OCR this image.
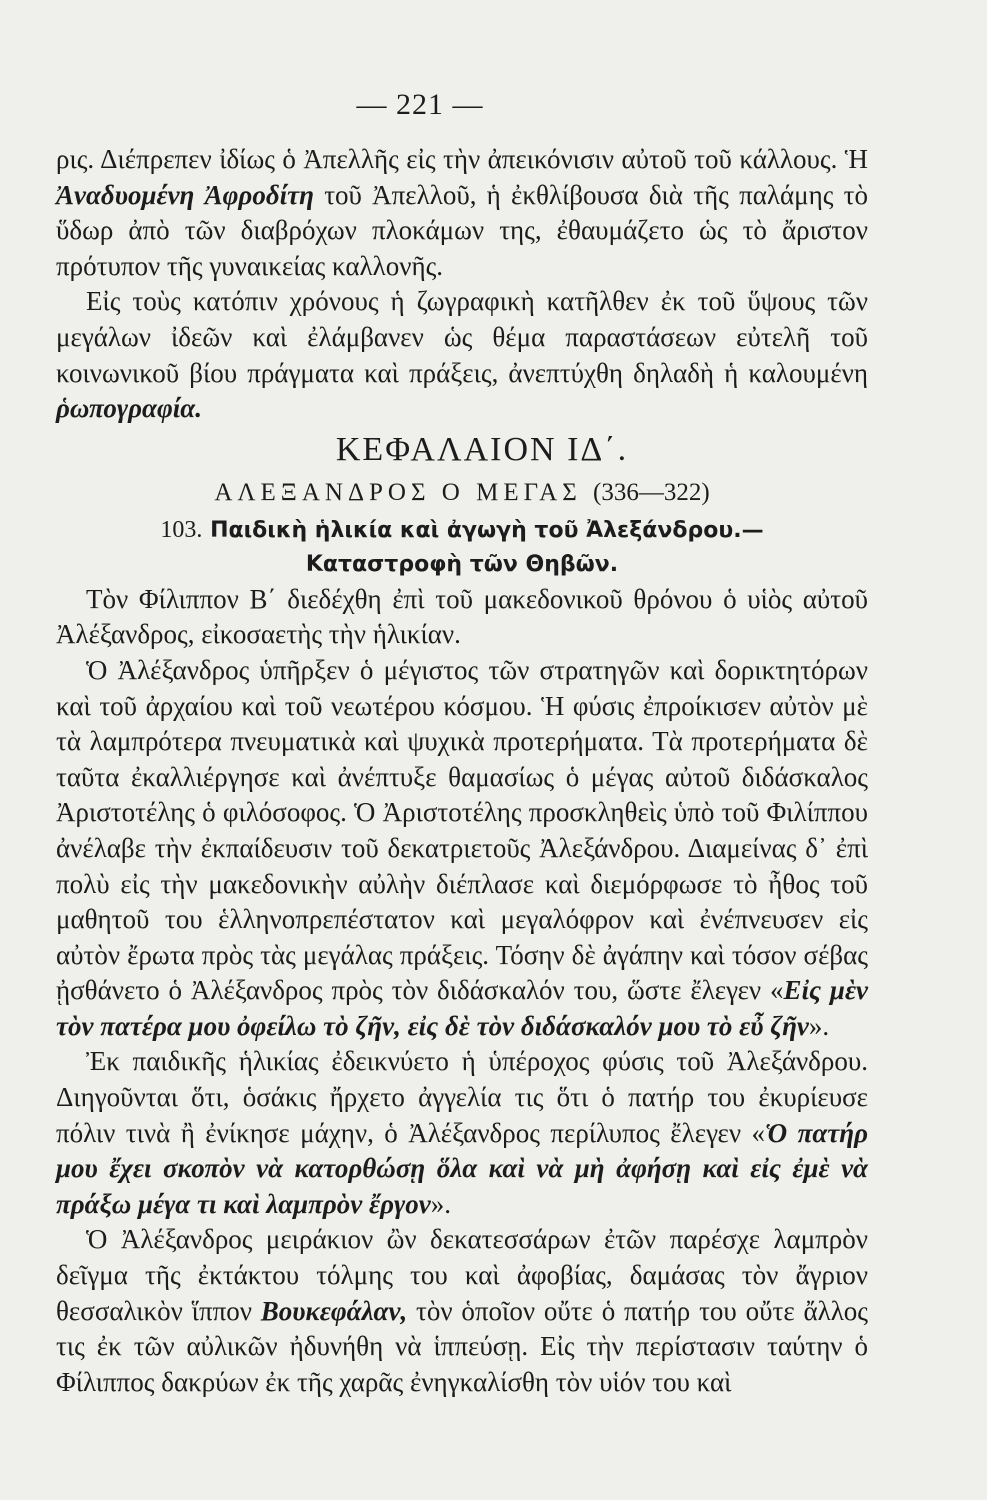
— 221 —

ρις. Διέπρεπεν ἰδίως ὁ Ἀπελλῆς εἰς τὴν ἀπεικόνισιν αὐτοῦ τοῦ κάλλους. Ἡ Ἀναδυομένη Ἀφροδίτη τοῦ Ἀπελλοῦ, ἡ ἐκθλίβουσα διὰ τῆς παλάμης τὸ ὕδωρ ἀπὸ τῶν διαβρόχων πλοκάμων της, ἐθαυμάζετο ὡς τὸ ἄριστον πρότυπον τῆς γυναικείας καλλονῆς.

Εἰς τοὺς κατόπιν χρόνους ἡ ζωγραφικὴ κατῆλθεν ἐκ τοῦ ὕψους τῶν μεγάλων ἰδεῶν καὶ ἐλάμβανεν ὡς θέμα παραστάσεων εὐτελῆ τοῦ κοινωνικοῦ βίου πράγματα καὶ πράξεις, ἀνεπτύχθη δηλαδὴ ἡ καλουμένη ῥωπογραφία.

ΚΕΦΑΛΑΙΟΝ ΙΔ΄.

ΑΛΕΞΑΝΔΡΟΣ Ο ΜΕΓΑΣ (336—322)

103. Παιδικὴ ἡλικία καὶ ἀγωγὴ τοῦ Ἀλεξάνδρου.—

Καταστροφὴ τῶν Θηβῶν.

Τὸν Φίλιππον Β΄ διεδέχθη ἐπὶ τοῦ μακεδονικοῦ θρόνου ὁ υἱὸς αὐτοῦ Ἀλέξανδρος, εἰκοσαετὴς τὴν ἡλικίαν.

Ὁ Ἀλέξανδρος ὑπῆρξεν ὁ μέγιστος τῶν στρατηγῶν καὶ δορικτητόρων καὶ τοῦ ἀρχαίου καὶ τοῦ νεωτέρου κόσμου. Ἡ φύσις ἐπροίκισεν αὐτὸν μὲ τὰ λαμπρότερα πνευματικὰ καὶ ψυχικὰ προτερήματα. Τὰ προτερήματα δὲ ταῦτα ἐκαλλιέργησε καὶ ἀνέπτυξε θαμασίως ὁ μέγας αὐτοῦ διδάσκαλος Ἀριστοτέλης ὁ φιλόσοφος. Ὁ Ἀριστοτέλης προσκληθεὶς ὑπὸ τοῦ Φιλίππου ἀνέλαβε τὴν ἐκπαίδευσιν τοῦ δεκατριετοῦς Ἀλεξάνδρου. Διαμείνας δ᾽ ἐπὶ πολὺ εἰς τὴν μακεδονικὴν αὐλὴν διέπλασε καὶ διεμόρφωσε τὸ ἦθος τοῦ μαθητοῦ του ἑλληνοπρεπέστατον καὶ μεγαλόφρον καὶ ἐνέπνευσεν εἰς αὐτὸν ἔρωτα πρὸς τὰς μεγάλας πράξεις. Τόσην δὲ ἀγάπην καὶ τόσον σέβας ᾐσθάνετο ὁ Ἀλέξανδρος πρὸς τὸν διδάσκαλόν του, ὥστε ἔλεγεν «Εἰς μὲν τὸν πατέρα μου ὀφείλω τὸ ζῆν, εἰς δὲ τὸν διδάσκαλόν μου τὸ εὖ ζῆν».

Ἐκ παιδικῆς ἡλικίας ἐδεικνύετο ἡ ὑπέροχος φύσις τοῦ Ἀλεξάνδρου. Διηγοῦνται ὅτι, ὁσάκις ἤρχετο ἀγγελία τις ὅτι ὁ πατήρ του ἐκυρίευσε πόλιν τινὰ ἢ ἐνίκησε μάχην, ὁ Ἀλέξανδρος περίλυπος ἔλεγεν «Ὁ πατήρ μου ἔχει σκοπὸν νὰ κατορθώσῃ ὅλα καὶ νὰ μὴ ἀφήσῃ καὶ εἰς ἐμὲ νὰ πράξω μέγα τι καὶ λαμπρὸν ἔργον».

Ὁ Ἀλέξανδρος μειράκιον ὢν δεκατεσσάρων ἐτῶν παρέσχε λαμπρὸν δεῖγμα τῆς ἐκτάκτου τόλμης του καὶ ἀφοβίας, δαμάσας τὸν ἄγριον θεσσαλικὸν ἵππον Βουκεφάλαν, τὸν ὁποῖον οὔτε ὁ πατήρ του οὔτε ἄλλος τις ἐκ τῶν αὐλικῶν ἠδυνήθη νὰ ἱππεύσῃ. Εἰς τὴν περίστασιν ταύτην ὁ Φίλιππος δακρύων ἐκ τῆς χαρᾶς ἐνηγκαλίσθη τὸν υἱόν του καὶ
